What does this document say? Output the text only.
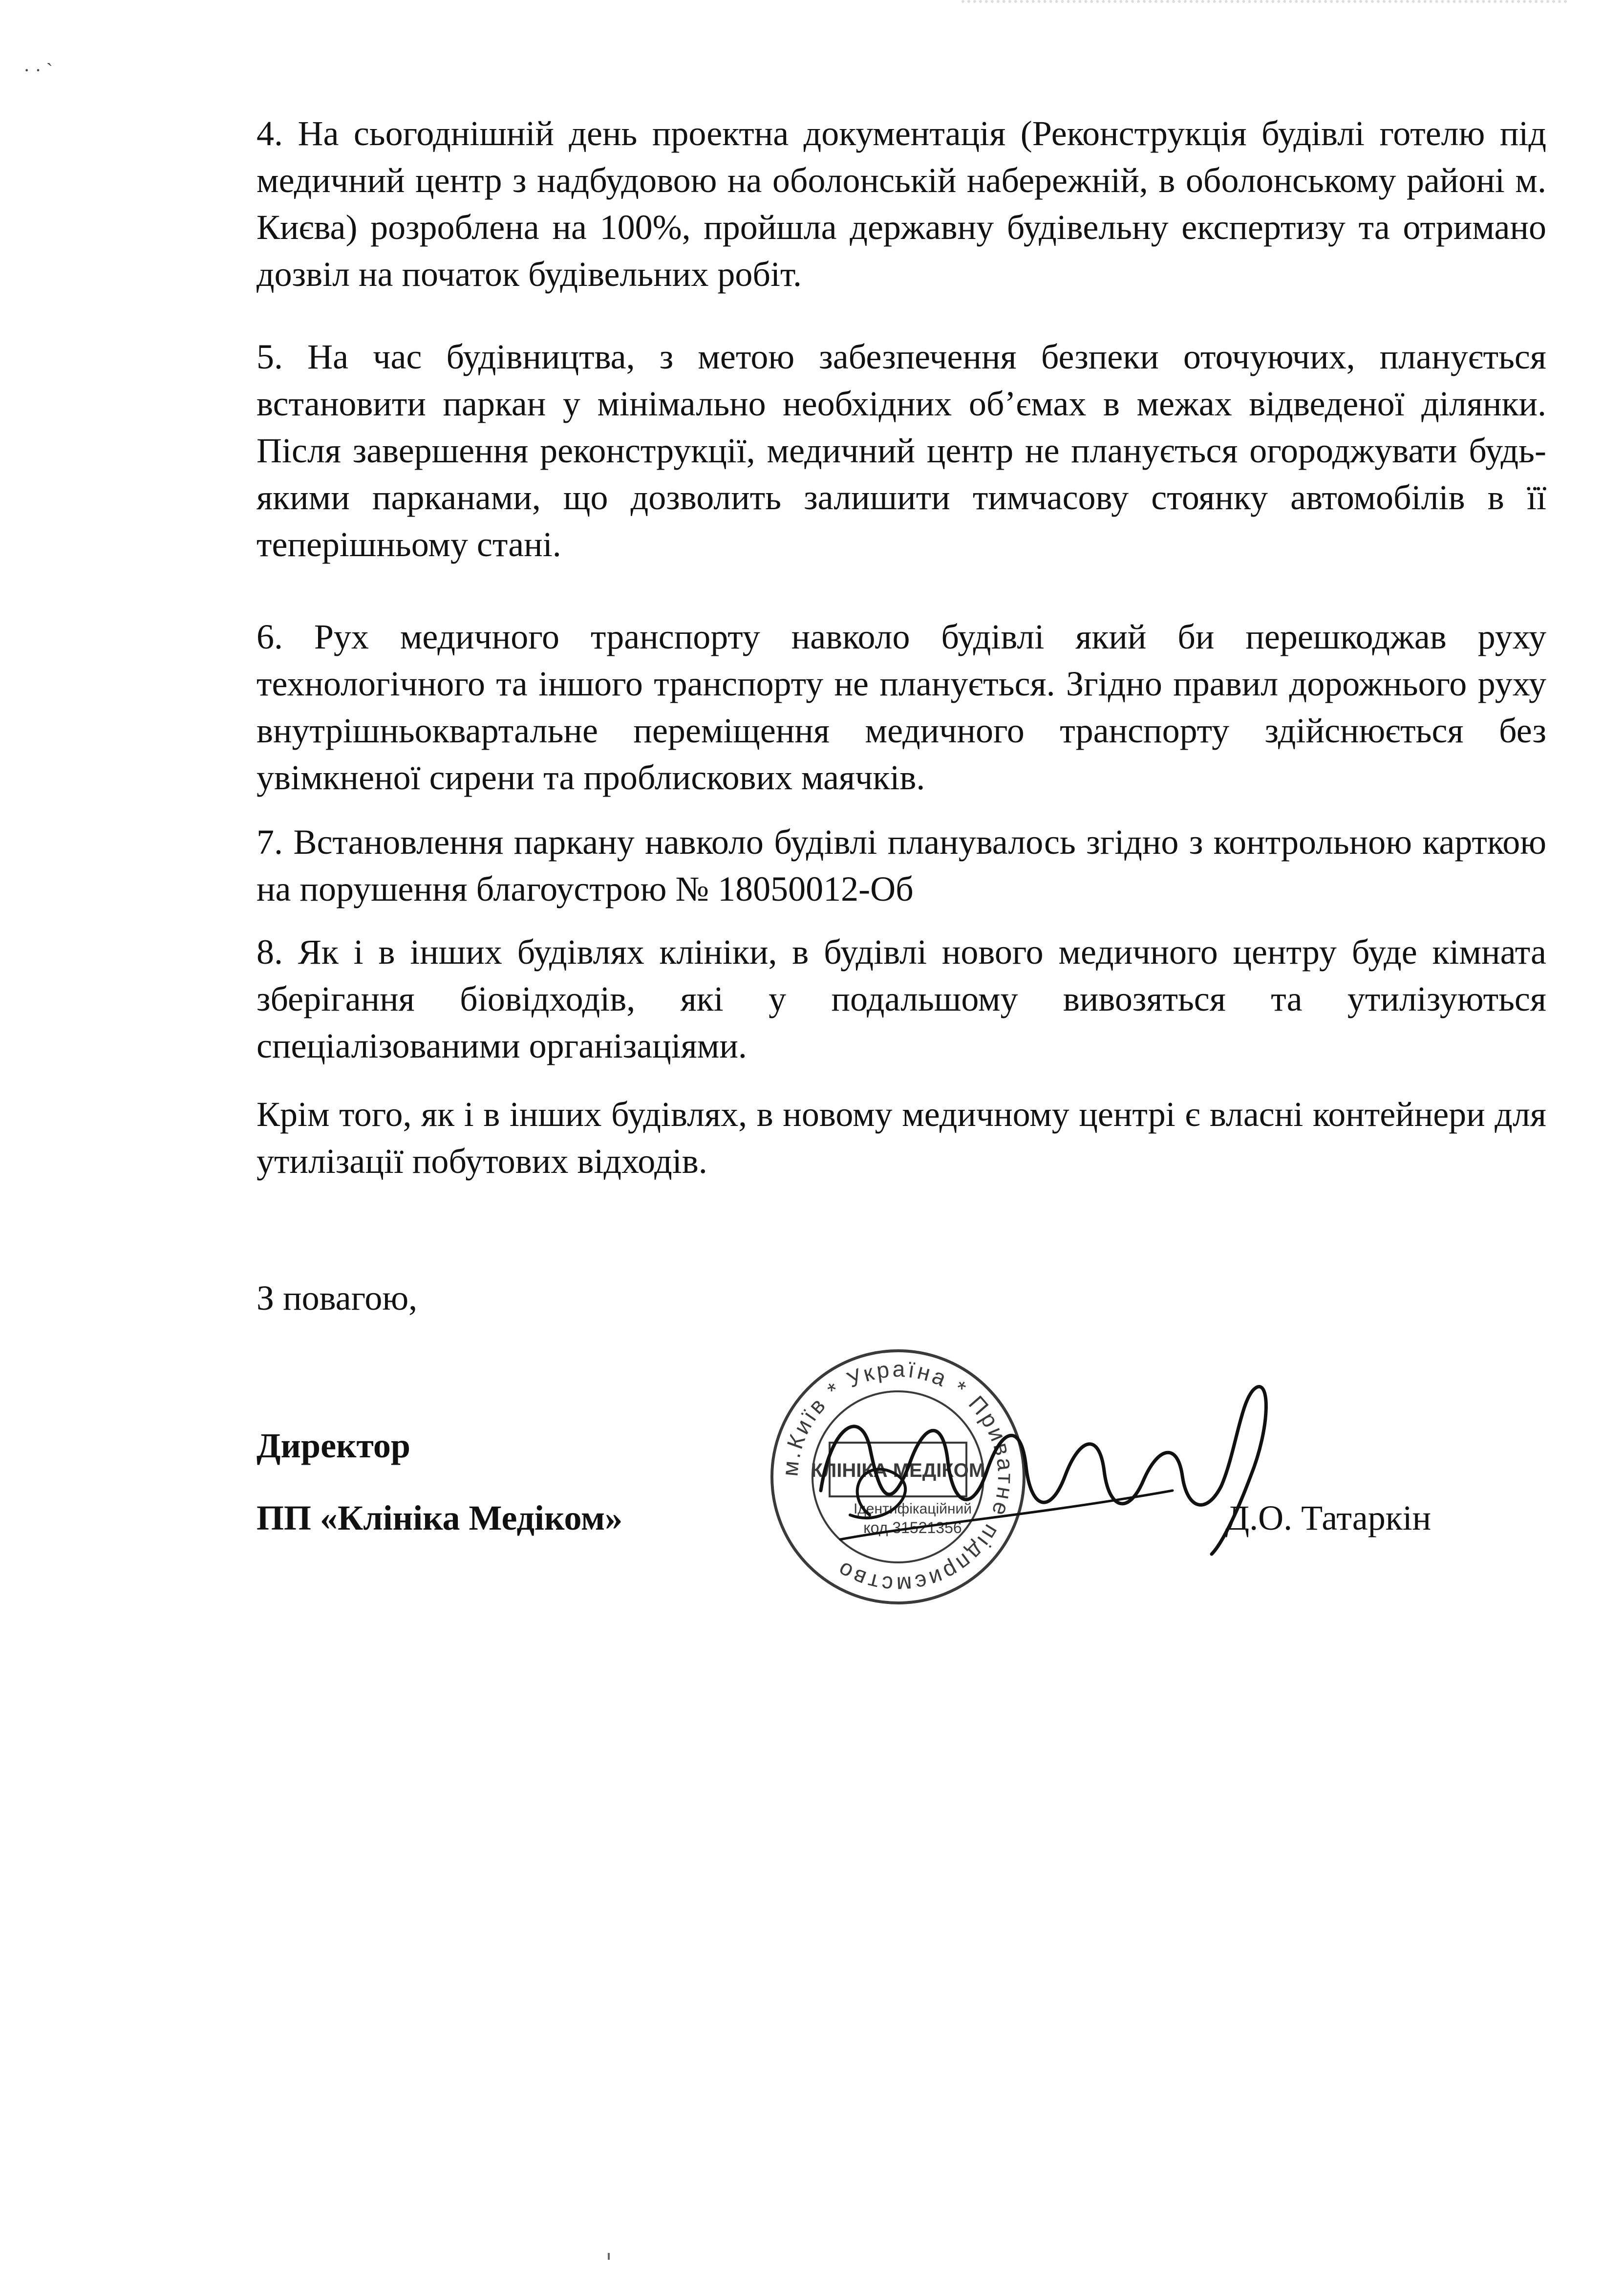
· · ˋ

4. На сьогоднішній день проектна документація (Реконструкція будівлі готелю під медичний центр з надбудовою на оболонській набережній, в оболонському районі м. Києва) розроблена на 100%, пройшла державну будівельну експертизу та отримано дозвіл на початок будівельних робіт.

5. На час будівництва, з метою забезпечення безпеки оточуючих, планується встановити паркан у мінімально необхідних об’ємах в межах відведеної ділянки. Після завершення реконструкції, медичний центр не планується огороджувати будь-якими парканами, що дозволить залишити тимчасову стоянку автомобілів в її теперішньому стані.

6. Рух медичного транспорту навколо будівлі який би перешкоджав руху технологічного та іншого транспорту не планується. Згідно правил дорожнього руху внутрішньоквартальне переміщення медичного транспорту здійснюється без увімкненої сирени та проблискових маячків.

7. Встановлення паркану навколо будівлі планувалось згідно з контрольною карткою на порушення благоустрою № 18050012-Об

8. Як і в інших будівлях клініки, в будівлі нового медичного центру буде кімната зберігання біовідходів, які у подальшому вивозяться та утилізуються спеціалізованими організаціями.

Крім того, як і в інших будівлях, в новому медичному центрі є власні контейнери для утилізації побутових відходів.

З повагою,

Директор

ПП «Клініка Медіком»	Д.О. Татаркін

м.Київ * Україна * Приватне підприємство
КЛІНІКА МЕДІКОМ
Ідентифікаційний
код 31521356
